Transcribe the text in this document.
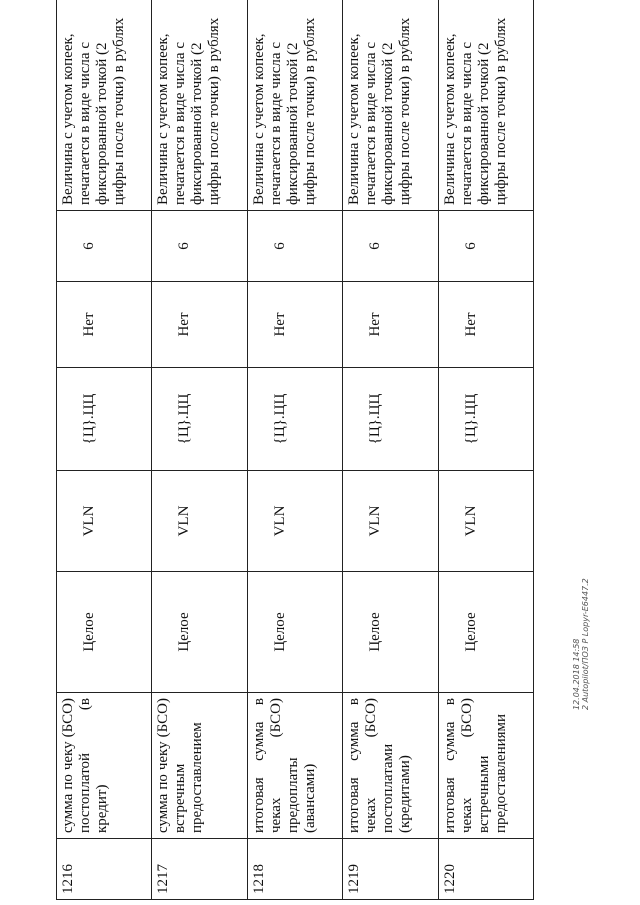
1216	сумма по чеку (БСО) постоплатой (в кредит)	Целое	VLN	{Ц}.ЦЦ	Нет	6	Величина с учетом копеек, печатается в виде числа с фиксированной точкой (2 цифры после точки) в рублях
1217	сумма по чеку (БСО) встречным предоставлением	Целое	VLN	{Ц}.ЦЦ	Нет	6	Величина с учетом копеек, печатается в виде числа с фиксированной точкой (2 цифры после точки) в рублях
1218	итоговая сумма в чеках (БСО) предоплаты (авансами)	Целое	VLN	{Ц}.ЦЦ	Нет	6	Величина с учетом копеек, печатается в виде числа с фиксированной точкой (2 цифры после точки) в рублях
1219	итоговая сумма в чеках (БСО) постоплатами (кредитами)	Целое	VLN	{Ц}.ЦЦ	Нет	6	Величина с учетом копеек, печатается в виде числа с фиксированной точкой (2 цифры после точки) в рублях
1220	итоговая сумма в чеках (БСО) встречными предоставлениями	Целое	VLN	{Ц}.ЦЦ	Нет	6	Величина с учетом копеек, печатается в виде числа с фиксированной точкой (2 цифры после точки) в рублях
12.04.2018 14:58 2 Autopilot/ПОЗ Р Lopyr-Е6447.2
